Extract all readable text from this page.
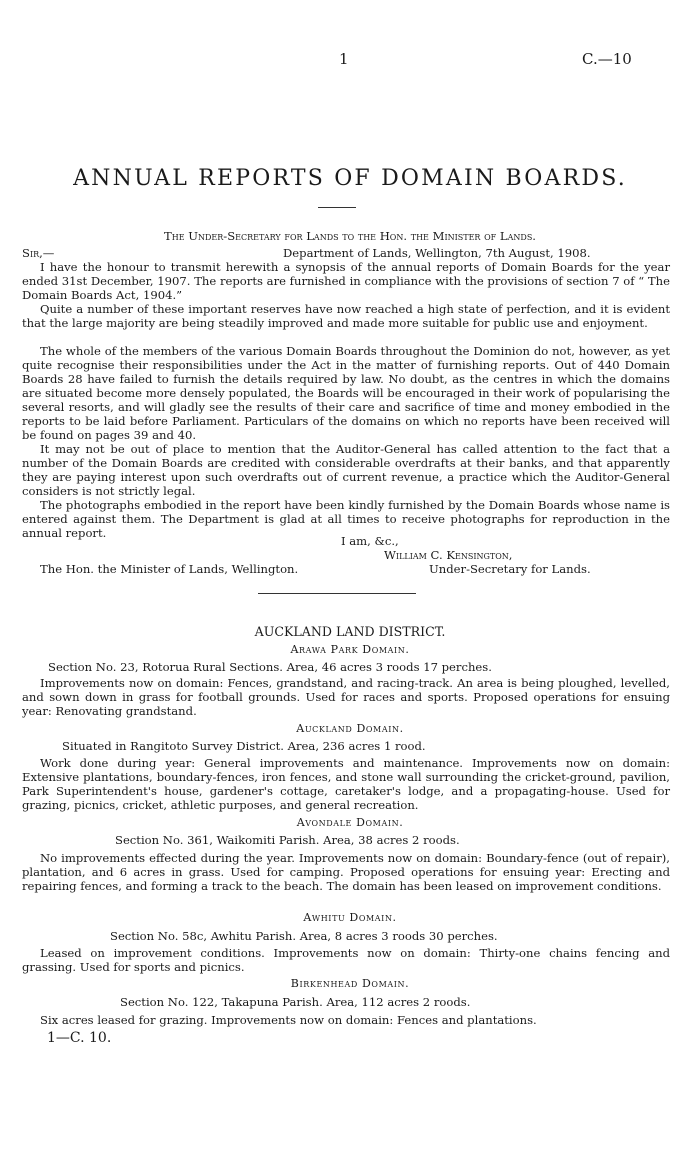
1	C.—10
ANNUAL REPORTS OF DOMAIN BOARDS.
The Under-Secretary for Lands to the Hon. the Minister of Lands.
Sir,—	Department of Lands, Wellington, 7th August, 1908.
I have the honour to transmit herewith a synopsis of the annual reports of Domain Boards for the year ended 31st December, 1907. The reports are furnished in compliance with the provisions of section 7 of “ The Domain Boards Act, 1904.”
Quite a number of these important reserves have now reached a high state of perfection, and it is evident that the large majority are being steadily improved and made more suitable for public use and enjoyment.
The whole of the members of the various Domain Boards throughout the Dominion do not, however, as yet quite recognise their responsibilities under the Act in the matter of furnishing reports. Out of 440 Domain Boards 28 have failed to furnish the details required by law. No doubt, as the centres in which the domains are situated become more densely populated, the Boards will be encouraged in their work of popularising the several resorts, and will gladly see the results of their care and sacrifice of time and money embodied in the reports to be laid before Parliament. Particulars of the domains on which no reports have been received will be found on pages 39 and 40.
It may not be out of place to mention that the Auditor-General has called attention to the fact that a number of the Domain Boards are credited with considerable overdrafts at their banks, and that apparently they are paying interest upon such overdrafts out of current revenue, a practice which the Auditor-General considers is not strictly legal.
The photographs embodied in the report have been kindly furnished by the Domain Boards whose name is entered against them. The Department is glad at all times to receive photographs for reproduction in the annual report.
I am, &c.,
William C. Kensington,
The Hon. the Minister of Lands, Wellington.	Under-Secretary for Lands.
AUCKLAND LAND DISTRICT.
Arawa Park Domain.
Section No. 23, Rotorua Rural Sections. Area, 46 acres 3 roods 17 perches.
Improvements now on domain: Fences, grandstand, and racing-track. An area is being ploughed, levelled, and sown down in grass for football grounds. Used for races and sports. Proposed operations for ensuing year: Renovating grandstand.
Auckland Domain.
Situated in Rangitoto Survey District. Area, 236 acres 1 rood.
Work done during year: General improvements and maintenance. Improvements now on domain: Extensive plantations, boundary-fences, iron fences, and stone wall surrounding the cricket-ground, pavilion, Park Superintendent's house, gardener's cottage, caretaker's lodge, and a propagating-house. Used for grazing, picnics, cricket, athletic purposes, and general recreation.
Avondale Domain.
Section No. 361, Waikomiti Parish. Area, 38 acres 2 roods.
No improvements effected during the year. Improvements now on domain: Boundary-fence (out of repair), plantation, and 6 acres in grass. Used for camping. Proposed operations for ensuing year: Erecting and repairing fences, and forming a track to the beach. The domain has been leased on improvement conditions.
Awhitu Domain.
Section No. 58c, Awhitu Parish. Area, 8 acres 3 roods 30 perches.
Leased on improvement conditions. Improvements now on domain: Thirty-one chains fencing and grassing. Used for sports and picnics.
Birkenhead Domain.
Section No. 122, Takapuna Parish. Area, 112 acres 2 roods.
Six acres leased for grazing. Improvements now on domain: Fences and plantations.
1—C. 10.
